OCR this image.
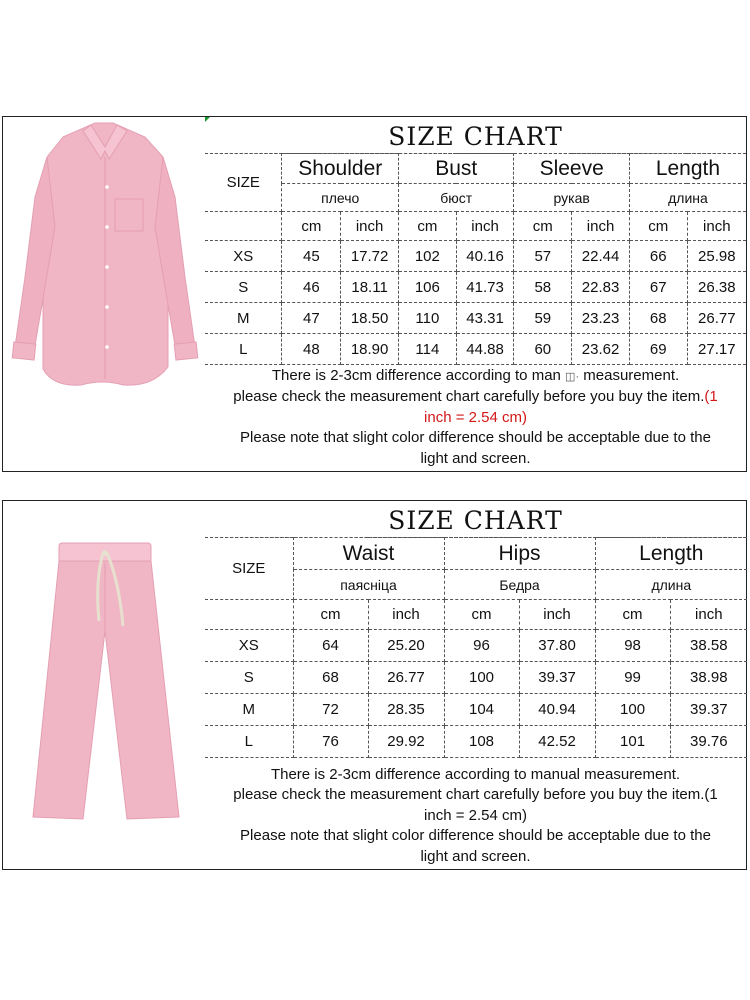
SIZE CHART
SIZE	Shoulder		Bust		Sleeve		Length	
	плечо		бюст		рукав		длина	
	cm	inch	cm	inch	cm	inch	cm	inch
XS	45	17.72	102	40.16	57	22.44	66	25.98
S	46	18.11	106	41.73	58	22.83	67	26.38
M	47	18.50	110	43.31	59	23.23	68	26.77
L	48	18.90	114	44.88	60	23.62	69	27.17
There is 2-3cm difference according to man ◫· measurement.
please check the measurement chart carefully before you buy the item.(1
inch = 2.54 cm)
Please note that slight color difference should be acceptable due to the
light and screen.
SIZE CHART
SIZE	Waist		Hips		Length	
	паясніца		Бедра		длина	
	cm	inch	cm	inch	cm	inch
XS	64	25.20	96	37.80	98	38.58
S	68	26.77	100	39.37	99	38.98
M	72	28.35	104	40.94	100	39.37
L	76	29.92	108	42.52	101	39.76
There is 2-3cm difference according to manual measurement.
please check the measurement chart carefully before you buy the item.(1
inch = 2.54 cm)
Please note that slight color difference should be acceptable due to the
light and screen.
